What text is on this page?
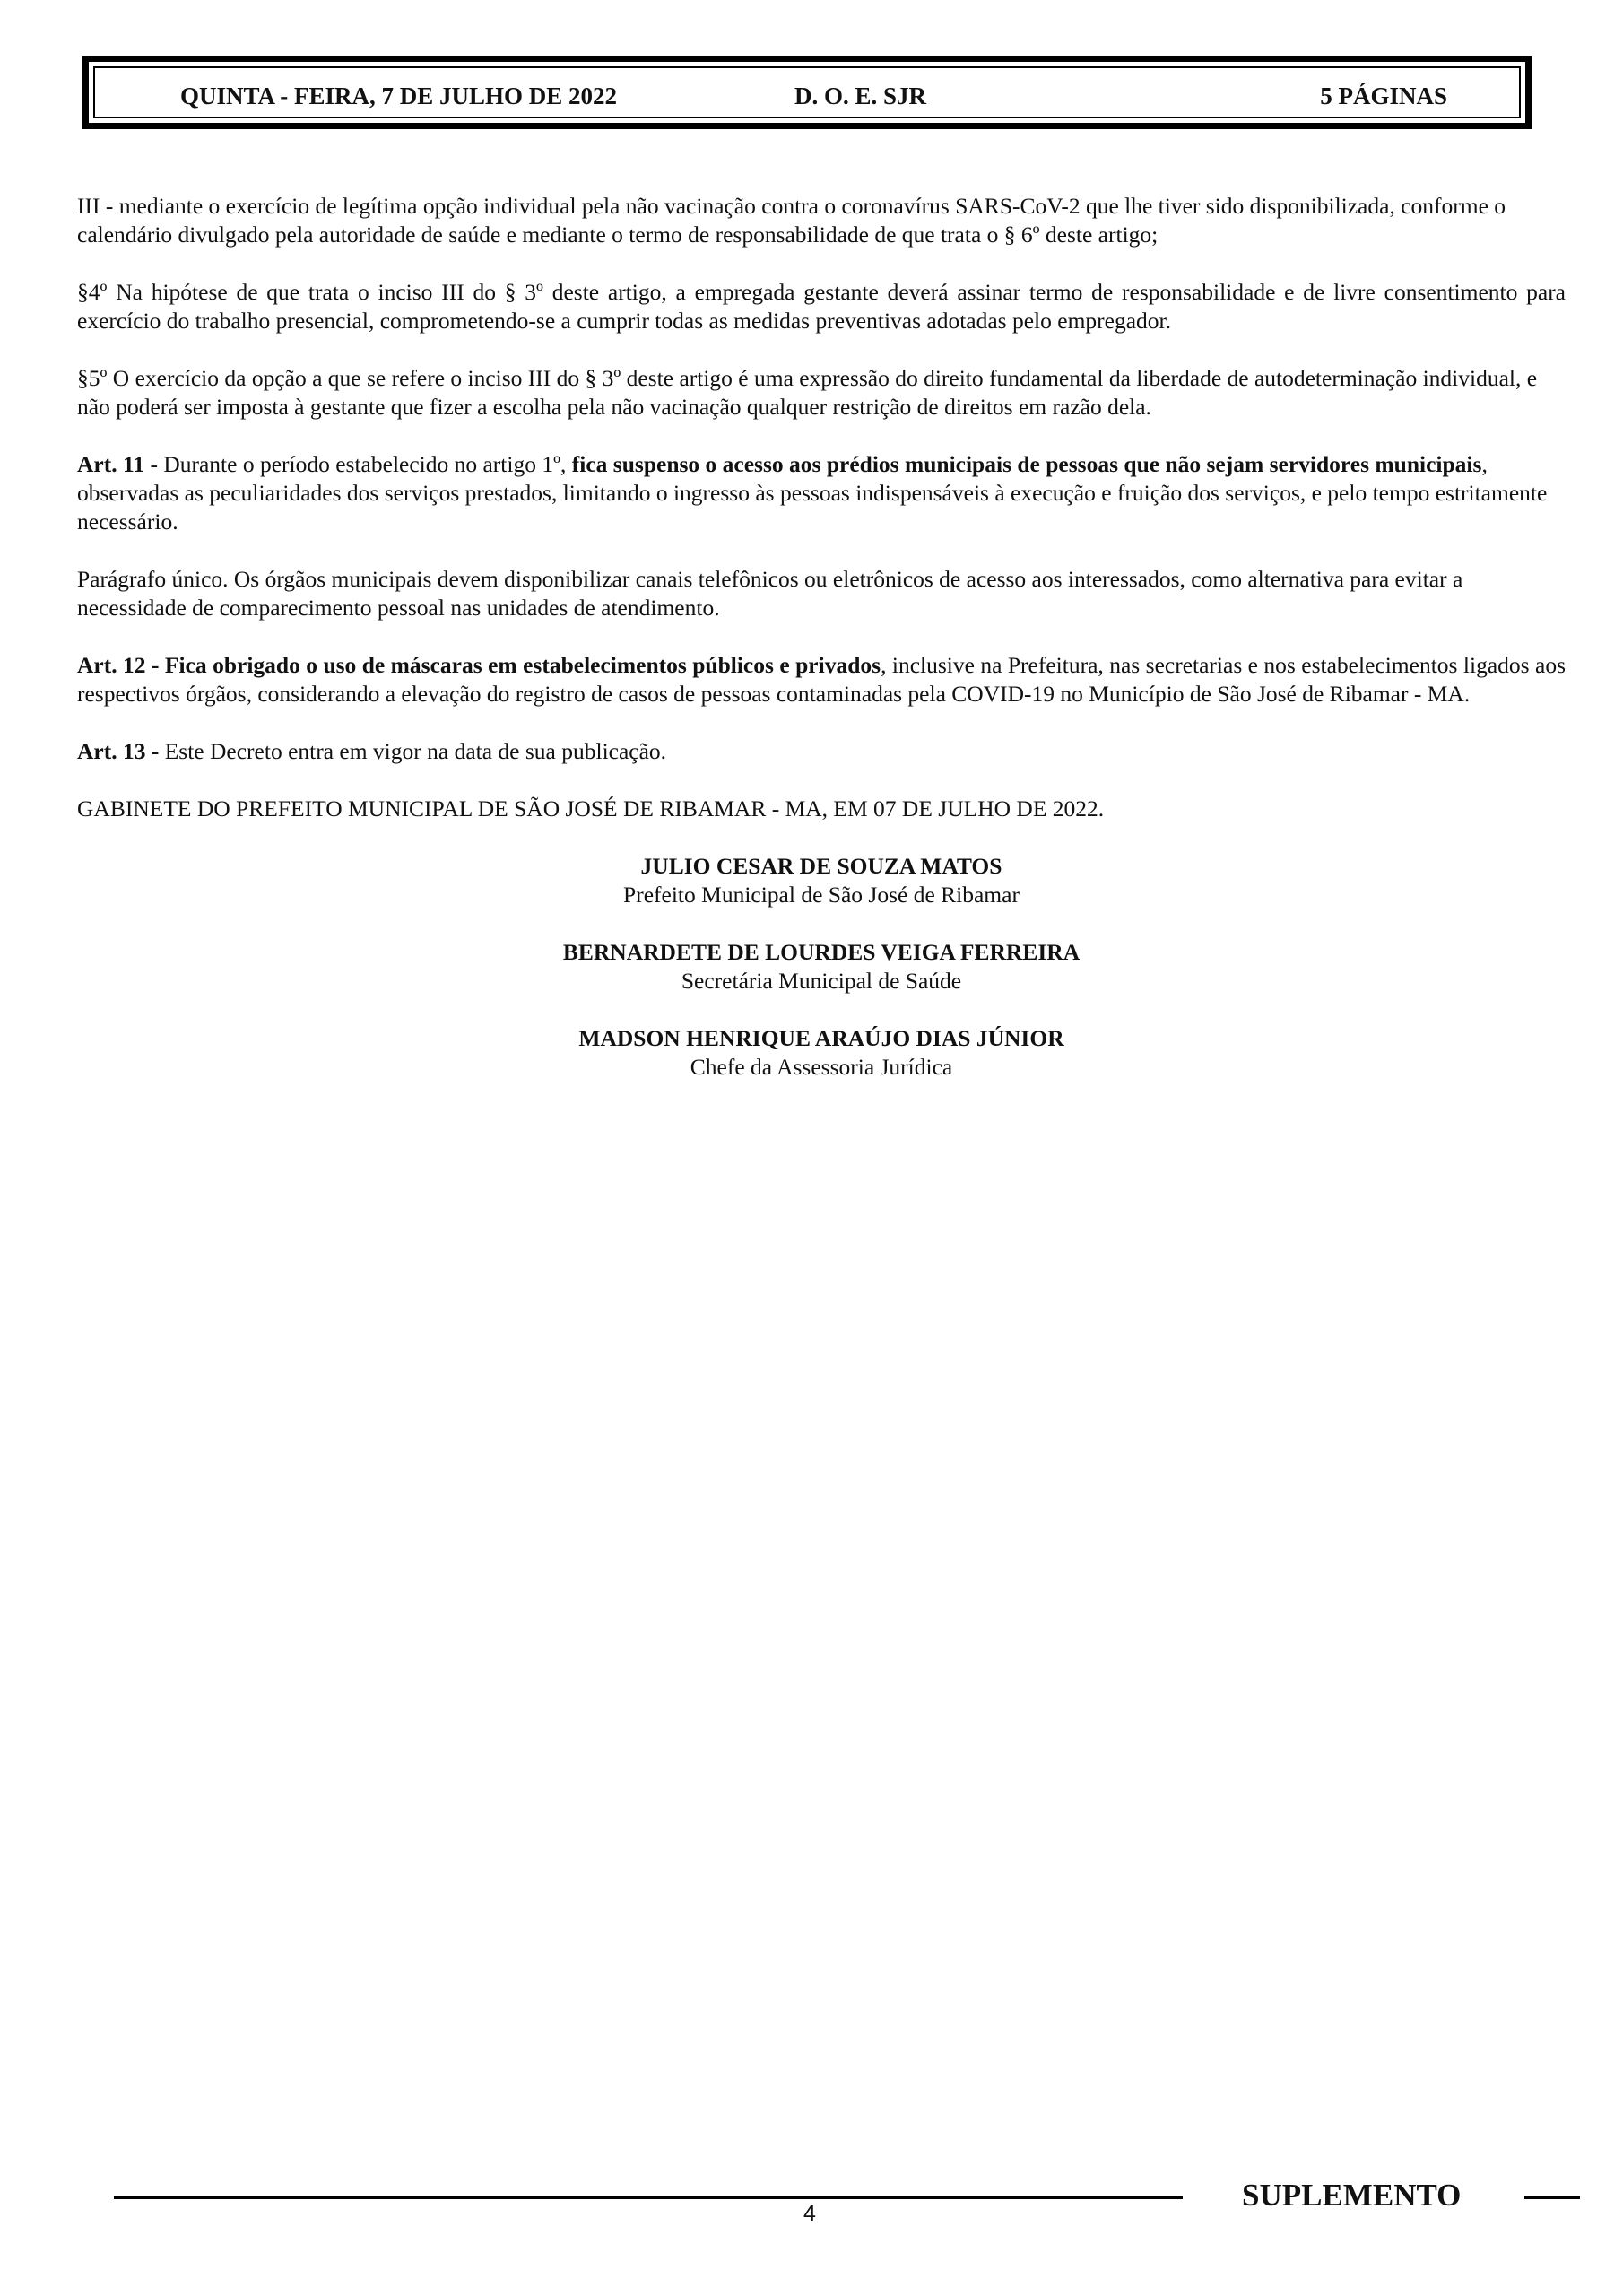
QUINTA - FEIRA, 7 DE JULHO DE 2022	D. O. E. SJR	5 PÁGINAS

III - mediante o exercício de legítima opção individual pela não vacinação contra o coronavírus SARS-CoV-2 que lhe tiver sido disponibilizada, conforme o calendário divulgado pela autoridade de saúde e mediante o termo de responsabilidade de que trata o § 6º deste artigo;

§4º Na hipótese de que trata o inciso III do § 3º deste artigo, a empregada gestante deverá assinar termo de responsabilidade e de livre consentimento para exercício do trabalho presencial, comprometendo-se a cumprir todas as medidas preventivas adotadas pelo empregador.

§5º O exercício da opção a que se refere o inciso III do § 3º deste artigo é uma expressão do direito fundamental da liberdade de autodeterminação individual, e não poderá ser imposta à gestante que fizer a escolha pela não vacinação qualquer restrição de direitos em razão dela.

Art. 11 - Durante o período estabelecido no artigo 1º, fica suspenso o acesso aos prédios municipais de pessoas que não sejam servidores municipais, observadas as peculiaridades dos serviços prestados, limitando o ingresso às pessoas indispensáveis à execução e fruição dos serviços, e pelo tempo estritamente necessário.

Parágrafo único. Os órgãos municipais devem disponibilizar canais telefônicos ou eletrônicos de acesso aos interessados, como alternativa para evitar a necessidade de comparecimento pessoal nas unidades de atendimento.

Art. 12 - Fica obrigado o uso de máscaras em estabelecimentos públicos e privados, inclusive na Prefeitura, nas secretarias e nos estabelecimentos ligados aos respectivos órgãos, considerando a elevação do registro de casos de pessoas contaminadas pela COVID-19 no Município de São José de Ribamar - MA.

Art. 13 - Este Decreto entra em vigor na data de sua publicação.

GABINETE DO PREFEITO MUNICIPAL DE SÃO JOSÉ DE RIBAMAR - MA, EM 07 DE JULHO DE 2022.

JULIO CESAR DE SOUZA MATOS
Prefeito Municipal de São José de Ribamar
BERNARDETE DE LOURDES VEIGA FERREIRA
Secretária Municipal de Saúde
MADSON HENRIQUE ARAÚJO DIAS JÚNIOR
Chefe da Assessoria Jurídica
4
SUPLEMENTO
